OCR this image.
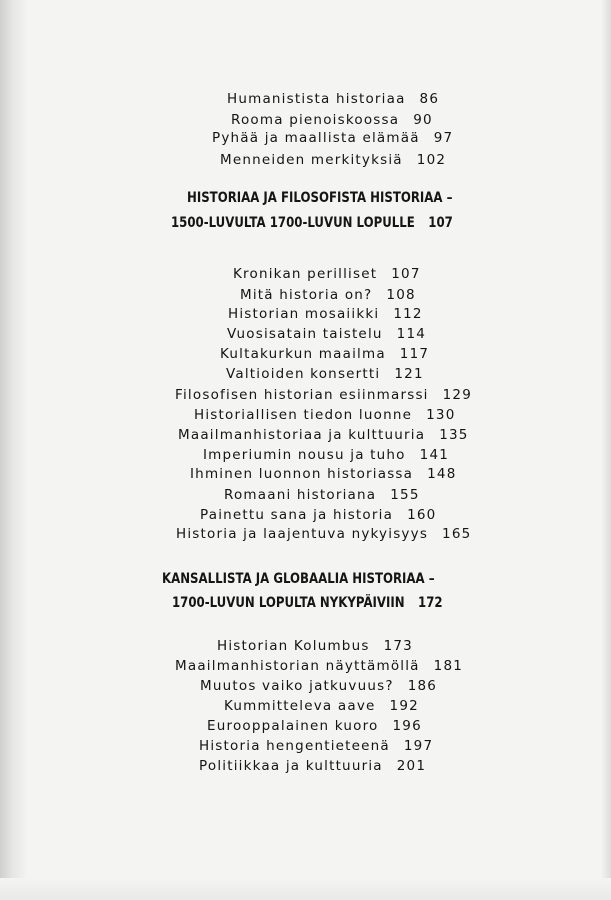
Humanistista historiaa 86
Rooma pienoiskoossa 90
Pyhää ja maallista elämää 97
Menneiden merkityksiä 102
HISTORIAA JA FILOSOFISTA HISTORIAA –
1500-LUVULTA 1700-LUVUN LOPULLE 107
Kronikan perilliset 107
Mitä historia on? 108
Historian mosaiikki 112
Vuosisatain taistelu 114
Kultakurkun maailma 117
Valtioiden konsertti 121
Filosofisen historian esiinmarssi 129
Historiallisen tiedon luonne 130
Maailmanhistoriaa ja kulttuuria 135
Imperiumin nousu ja tuho 141
Ihminen luonnon historiassa 148
Romaani historiana 155
Painettu sana ja historia 160
Historia ja laajentuva nykyisyys 165
KANSALLISTA JA GLOBAALIA HISTORIAA –
1700-LUVUN LOPULTA NYKYPÄIVIIN 172
Historian Kolumbus 173
Maailmanhistorian näyttämöllä 181
Muutos vaiko jatkuvuus? 186
Kummitteleva aave 192
Eurooppalainen kuoro 196
Historia hengentieteenä 197
Politiikkaa ja kulttuuria 201
